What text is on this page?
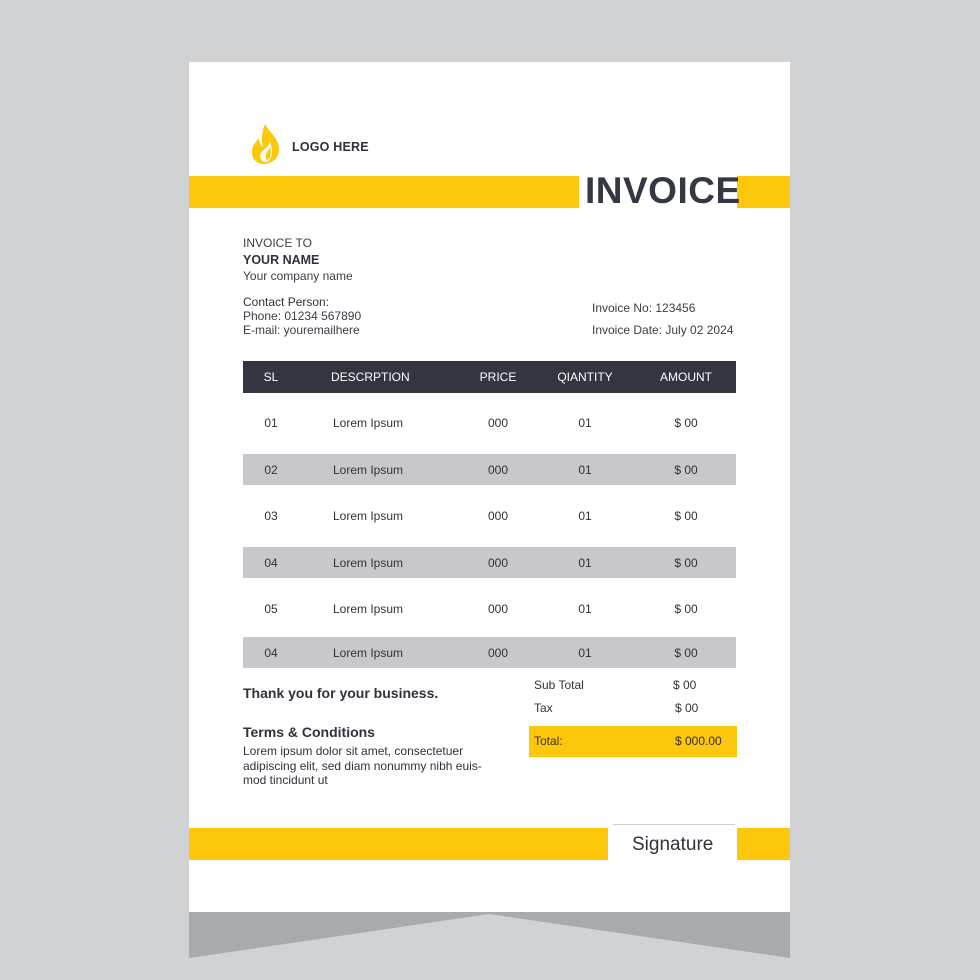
LOGO HERE
INVOICE
INVOICE TO
YOUR NAME
Your company name
Contact Person:
Phone: 01234 567890
E-mail: youremailhere
Invoice No: 123456
Invoice Date: July 02 2024
SL	DESCRPTION	PRICE	QIANTITY	AMOUNT
01	Lorem Ipsum	000	01	$ 00
02	Lorem Ipsum	000	01	$ 00
03	Lorem Ipsum	000	01	$ 00
04	Lorem Ipsum	000	01	$ 00
05	Lorem Ipsum	000	01	$ 00
04	Lorem Ipsum	000	01	$ 00
Thank you for your business.	Sub Total	$ 00
Tax	$ 00
Total:	$ 000.00
Terms & Conditions
Lorem ipsum dolor sit amet, consectetuer
adipiscing elit, sed diam nonummy nibh euis-
mod tincidunt ut
Signature
